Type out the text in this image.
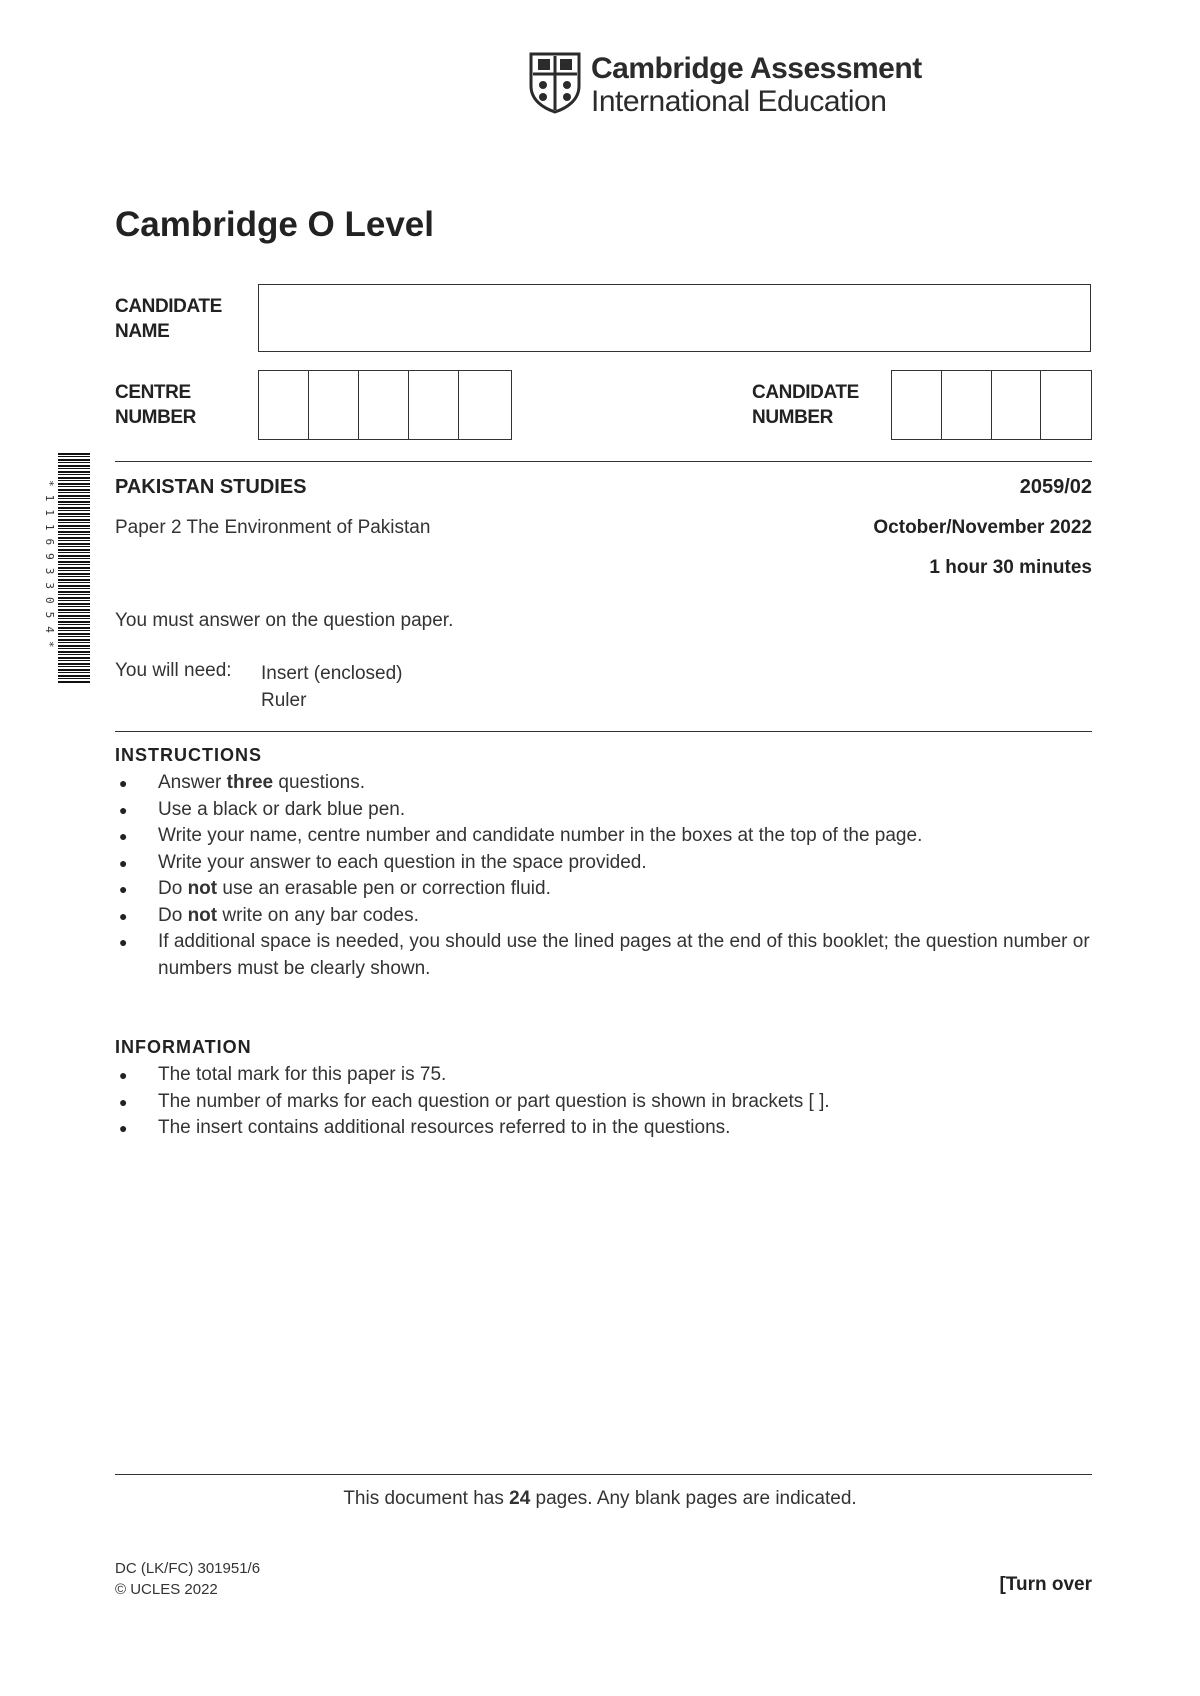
Cambridge Assessment
International Education
Cambridge O Level
CANDIDATE
NAME
CENTRE
NUMBER
CANDIDATE
NUMBER
*1116933054*	PAKISTAN STUDIES	2059/02
Paper 2 The Environment of Pakistan	October/November 2022
1 hour 30 minutes
You must answer on the question paper.
You will need: Insert (enclosed)
Ruler
INSTRUCTIONS
● Answer three questions.
● Use a black or dark blue pen.
● Write your name, centre number and candidate number in the boxes at the top of the page.
● Write your answer to each question in the space provided.
● Do not use an erasable pen or correction fluid.
● Do not write on any bar codes.
● If additional space is needed, you should use the lined pages at the end of this booklet; the question number or numbers must be clearly shown.
INFORMATION
● The total mark for this paper is 75.
● The number of marks for each question or part question is shown in brackets [ ].
● The insert contains additional resources referred to in the questions.
This document has 24 pages. Any blank pages are indicated.
DC (LK/FC) 301951/6
© UCLES 2022	[Turn over
